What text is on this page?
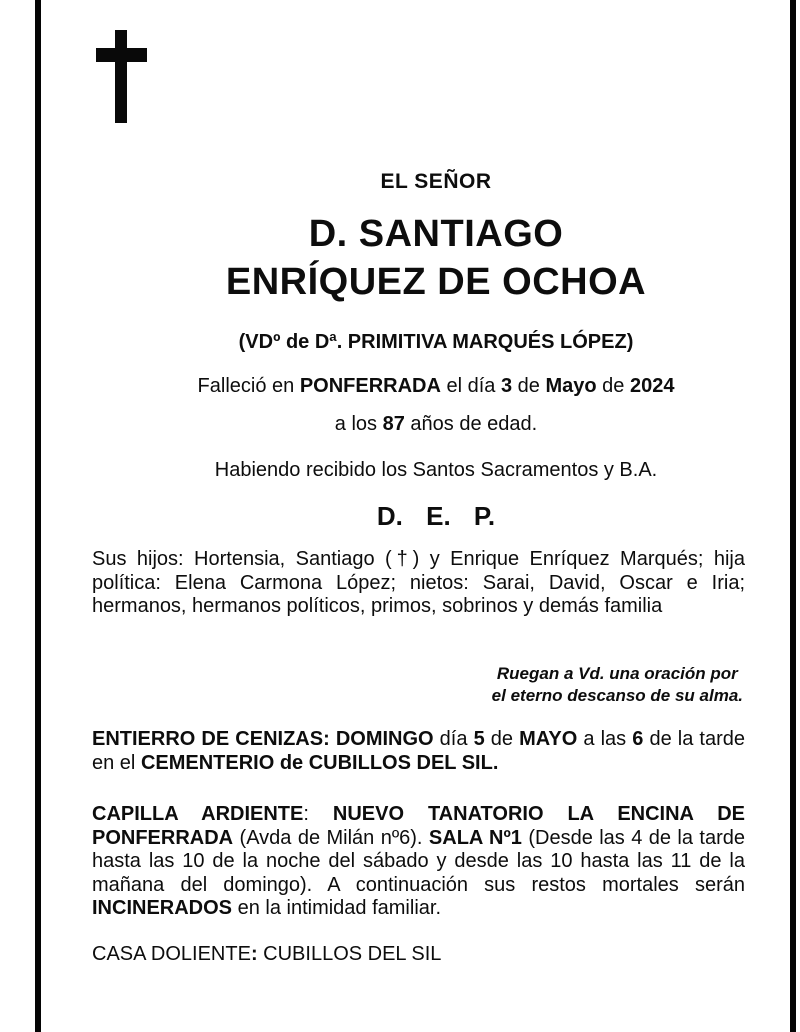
EL SEÑOR
D. SANTIAGO
ENRÍQUEZ DE OCHOA
(VDº de Dª. PRIMITIVA MARQUÉS LÓPEZ)
Falleció en PONFERRADA el día 3 de Mayo de 2024
a los 87 años de edad.
Habiendo recibido los Santos Sacramentos y B.A.
D. E. P.
Sus hijos: Hortensia, Santiago (†) y Enrique Enríquez Marqués; hija política: Elena Carmona López; nietos: Sarai, David, Oscar e Iria; hermanos, hermanos políticos, primos, sobrinos y demás familia
Ruegan a Vd. una oración por
el eterno descanso de su alma.
ENTIERRO DE CENIZAS: DOMINGO día 5 de MAYO a las 6 de la tarde en el CEMENTERIO de CUBILLOS DEL SIL.
CAPILLA ARDIENTE: NUEVO TANATORIO LA ENCINA DE PONFERRADA (Avda de Milán nº6). SALA Nº1 (Desde las 4 de la tarde hasta las 10 de la noche del sábado y desde las 10 hasta las 11 de la mañana del domingo). A continuación sus restos mortales serán INCINERADOS en la intimidad familiar.
CASA DOLIENTE: CUBILLOS DEL SIL
